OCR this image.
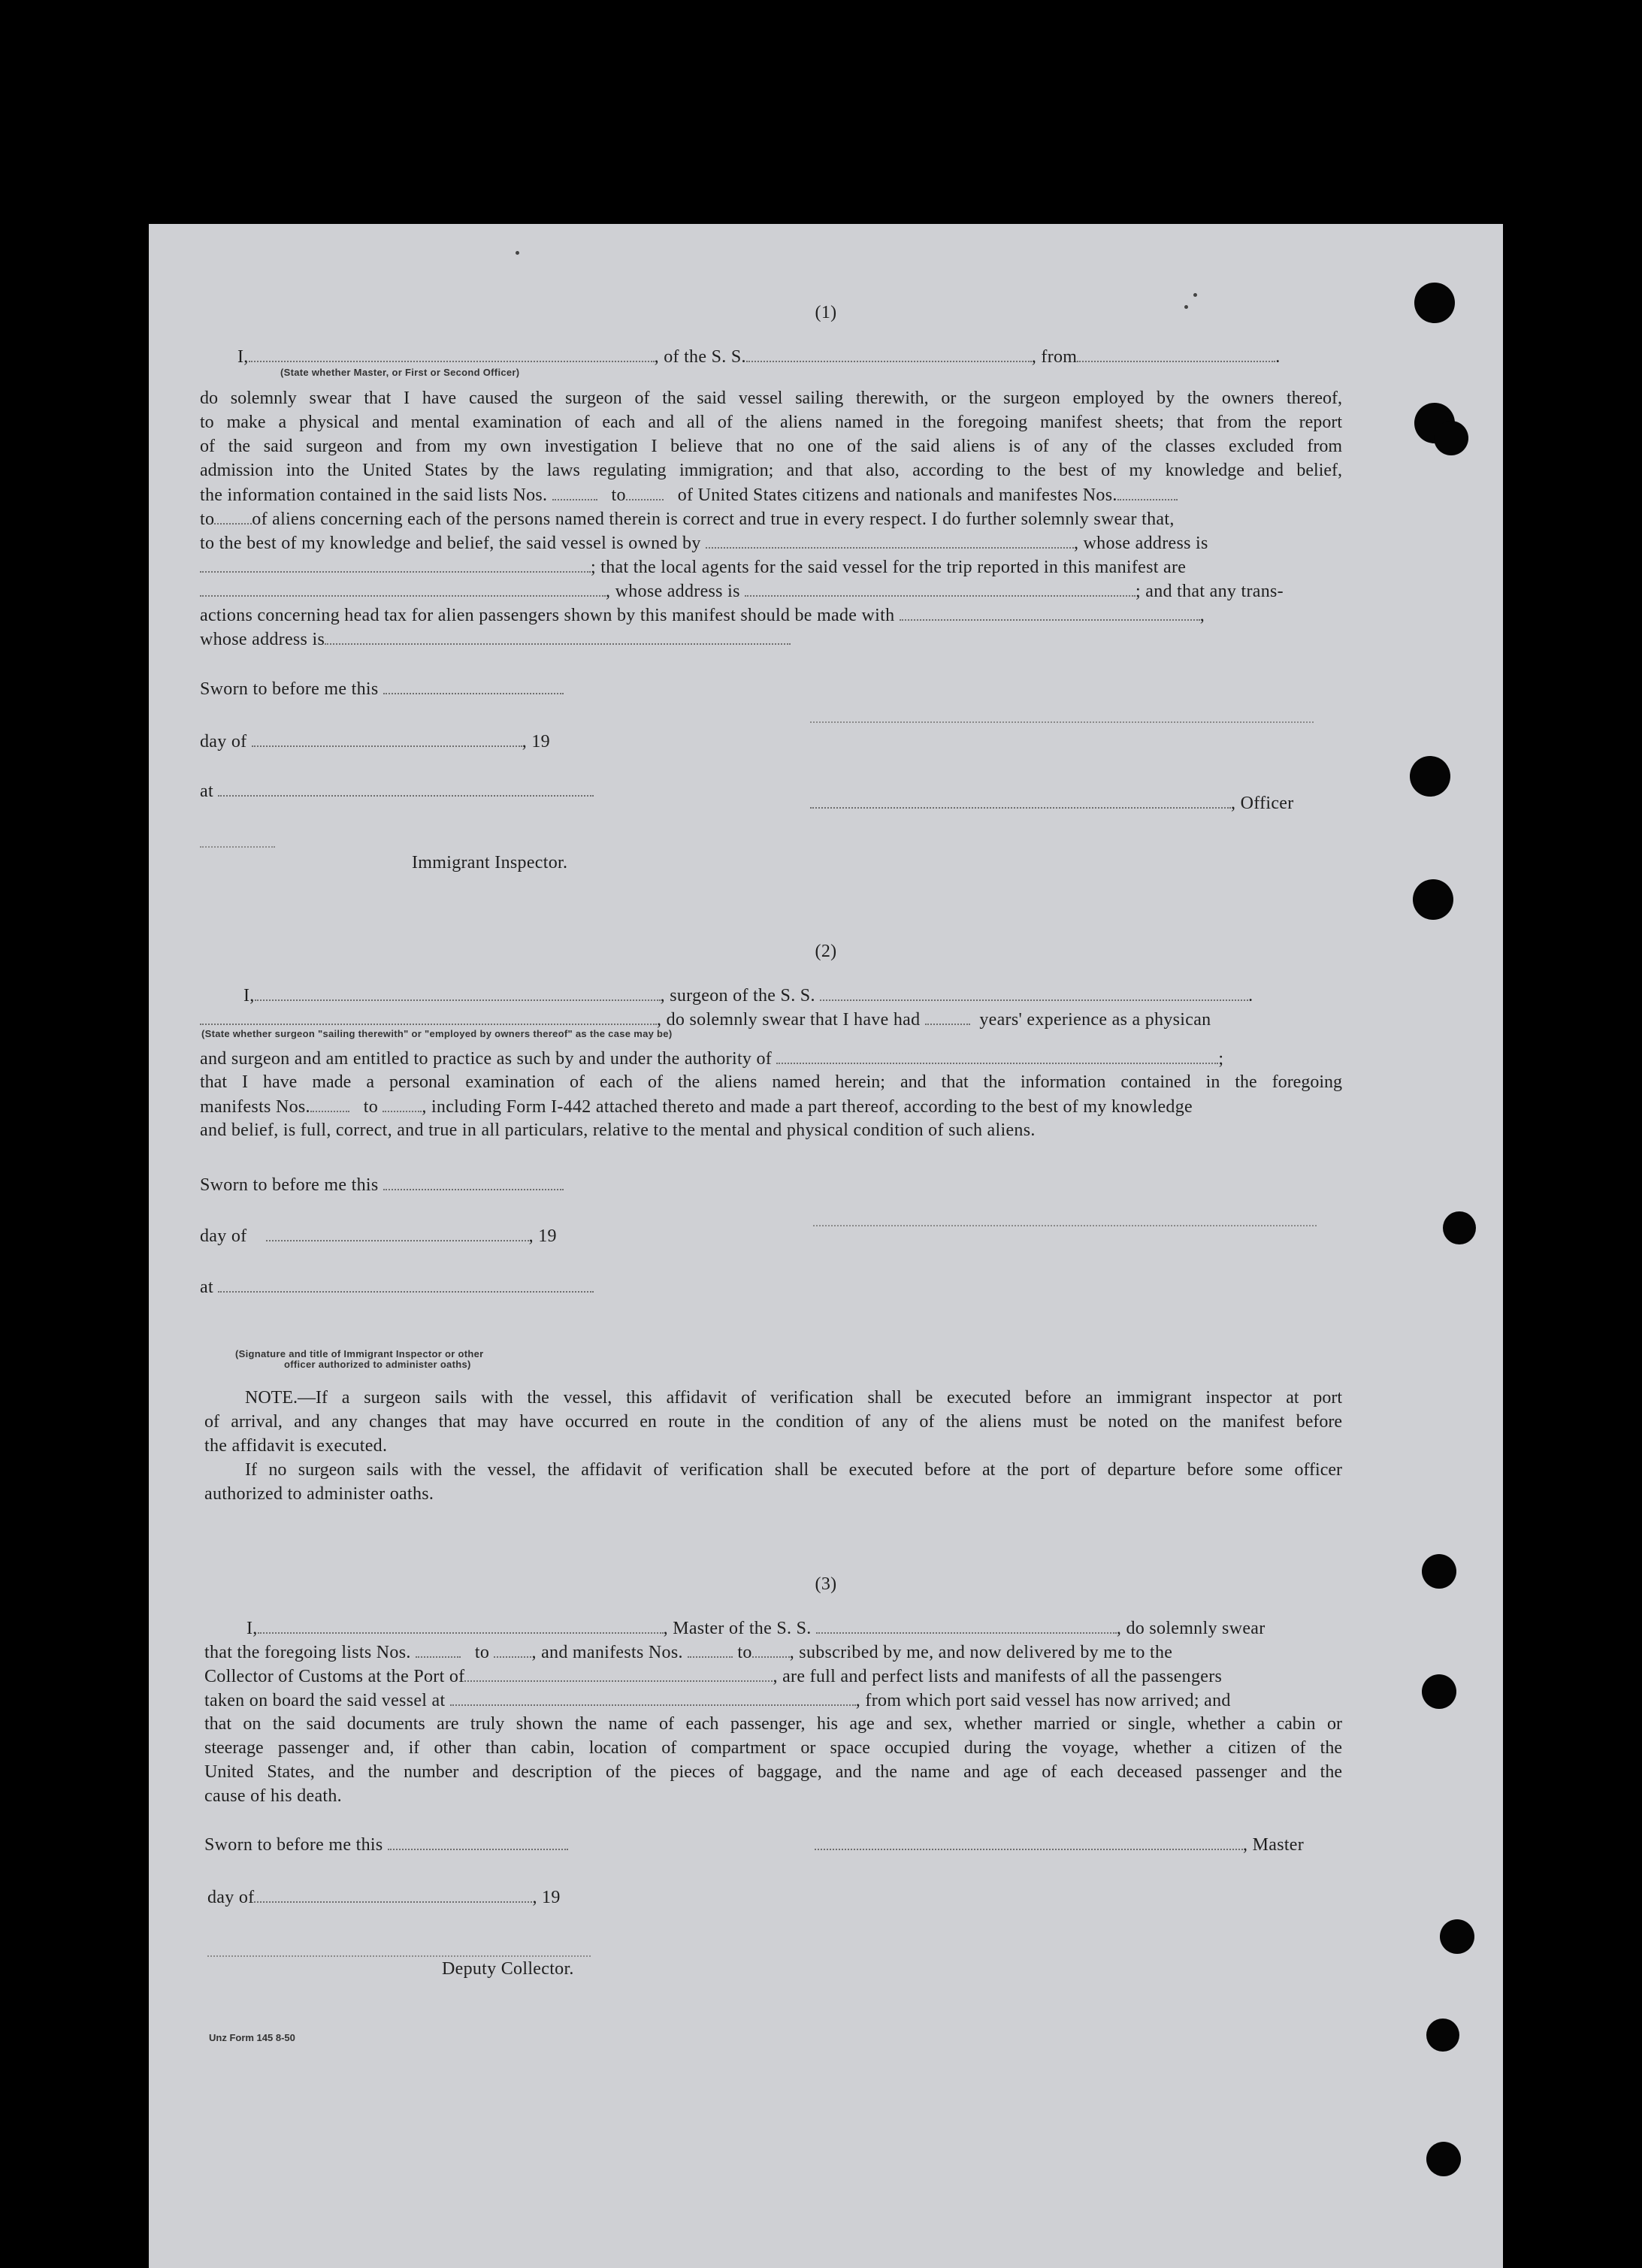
(1)
I,	, of the S. S.	, from	.
(State whether Master, or First or Second Officer)
do solemnly swear that I have caused the surgeon of the said vessel sailing therewith, or the surgeon employed by the owners thereof,
to make a physical and mental examination of each and all of the aliens named in the foregoing manifest sheets; that from the report
of the said surgeon and from my own investigation I believe that no one of the said aliens is of any of the classes excluded from
admission into the United States by the laws regulating immigration; and that also, according to the best of my knowledge and belief,
the information contained in the said lists Nos.	to	of United States citizens and nationals and manifestes Nos.
to of aliens concerning each of the persons named therein is correct and true in every respect. I do further solemnly swear that,
to the best of my knowledge and belief, the said vessel is owned by	, whose address is
; that the local agents for the said vessel for the trip reported in this manifest are
, whose address is	; and that any trans-
actions concerning head tax for alien passengers shown by this manifest should be made with	,
whose address is
Sworn to before me this
day of	, 19
at
, Officer
Immigrant Inspector.
(2)
I,	, surgeon of the S. S.	.
, do solemnly swear that I have had	years' experience as a physican
(State whether surgeon "sailing therewith" or "employed by owners thereof" as the case may be)
and surgeon and am entitled to practice as such by and under the authority of	;
that I have made a personal examination of each of the aliens named herein; and that the information contained in the foregoing
manifests Nos.	to , including Form I-442 attached thereto and made a part thereof, according to the best of my knowledge
and belief, is full, correct, and true in all particulars, relative to the mental and physical condition of such aliens.
Sworn to before me this
day of	, 19
at
(Signature and title of Immigrant Inspector or other
officer authorized to administer oaths)
NOTE.—If a surgeon sails with the vessel, this affidavit of verification shall be executed before an immigrant inspector at port
of arrival, and any changes that may have occurred en route in the condition of any of the aliens must be noted on the manifest before
the affidavit is executed.
If no surgeon sails with the vessel, the affidavit of verification shall be executed before at the port of departure before some officer
authorized to administer oaths.
(3)
I,	, Master of the S. S.	, do solemnly swear
that the foregoing lists Nos.	to , and manifests Nos.	to , subscribed by me, and now delivered by me to the
Collector of Customs at the Port of	, are full and perfect lists and manifests of all the passengers
taken on board the said vessel at	, from which port said vessel has now arrived; and
that on the said documents are truly shown the name of each passenger, his age and sex, whether married or single, whether a cabin or
steerage passenger and, if other than cabin, location of compartment or space occupied during the voyage, whether a citizen of the
United States, and the number and description of the pieces of baggage, and the name and age of each deceased passenger and the
cause of his death.
Sworn to before me this	, Master
day of	, 19
Deputy Collector.
Unz Form 145 8-50
